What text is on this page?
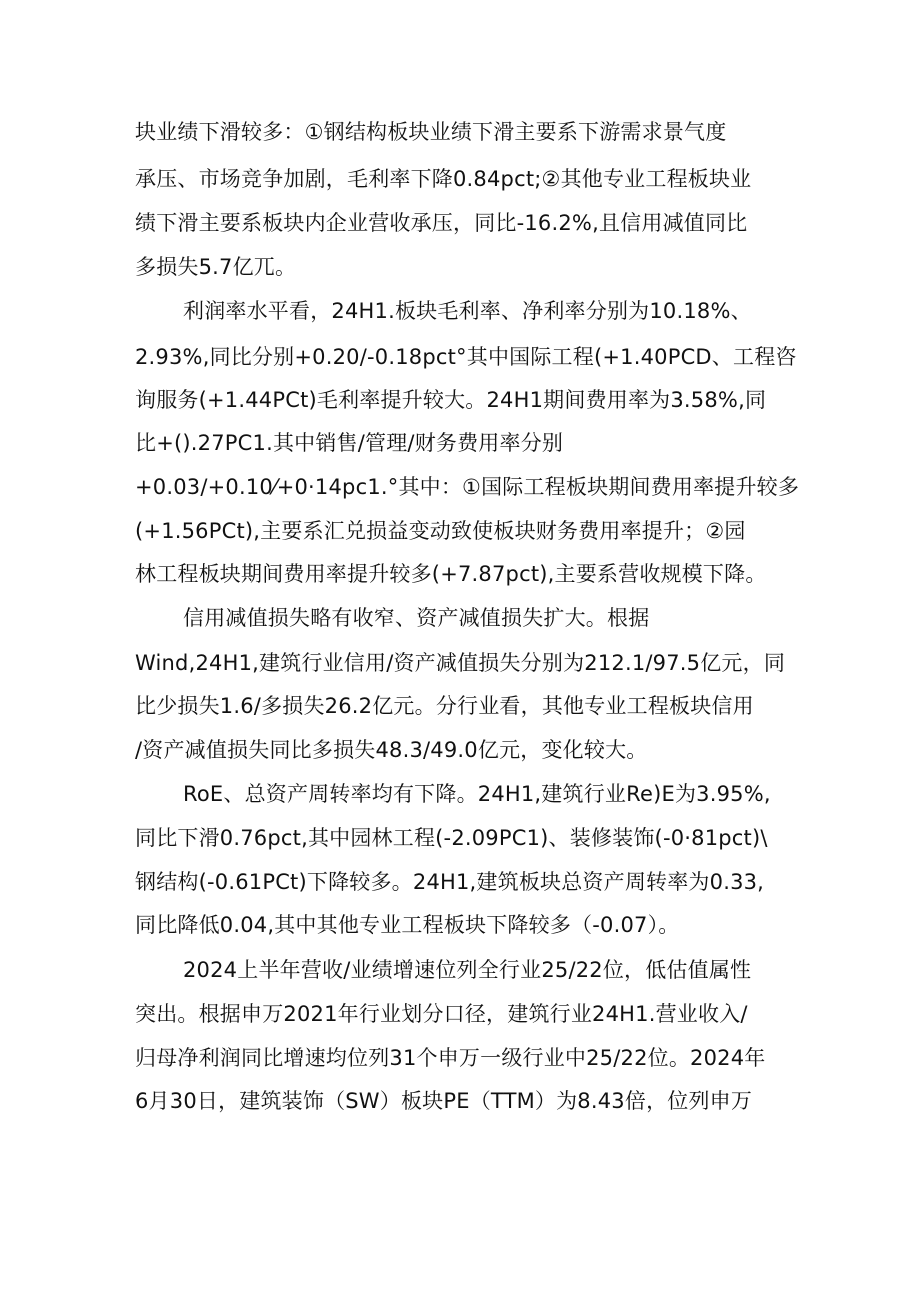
块业绩下滑较多：①钢结构板块业绩下滑主要系下游需求景气度
承压、市场竞争加剧，毛利率下降0.84pct;②其他专业工程板块业
绩下滑主要系板块内企业营收承压，同比-16.2%,且信用减值同比
多损失5.7亿兀。
利润率水平看，24H1.板块毛利率、净利率分别为10.18%、
2.93%,同比分别+0.20/-0.18pct°其中国际工程(+1.40PCD、工程咨
询服务(+1.44PCt)毛利率提升较大。24H1期间费用率为3.58%,同
比+().27PC1.其中销售/管理/财务费用率分别
+0.03/+0.10⁄+0·14pc1.°其中：①国际工程板块期间费用率提升较多
(+1.56PCt),主要系汇兑损益变动致使板块财务费用率提升；②园
林工程板块期间费用率提升较多(+7.87pct),主要系营收规模下降。
信用减值损失略有收窄、资产减值损失扩大。根据
Wind,24H1,建筑行业信用/资产减值损失分别为212.1/97.5亿元，同
比少损失1.6/多损失26.2亿元。分行业看，其他专业工程板块信用
/资产减值损失同比多损失48.3/49.0亿元，变化较大。
RoE、总资产周转率均有下降。24H1,建筑行业Re)E为3.95%,
同比下滑0.76pct,其中园林工程(-2.09PC1)、装修装饰(-0·81pct)\
钢结构(-0.61PCt)下降较多。24H1,建筑板块总资产周转率为0.33,
同比降低0.04,其中其他专业工程板块下降较多（-0.07）。
2024上半年营收/业绩增速位列全行业25/22位，低估值属性
突出。根据申万2021年行业划分口径，建筑行业24H1.营业收入/
归母净利润同比增速均位列31个申万一级行业中25/22位。2024年
6月30日，建筑装饰（SW）板块PE（TTM）为8.43倍，位列申万
